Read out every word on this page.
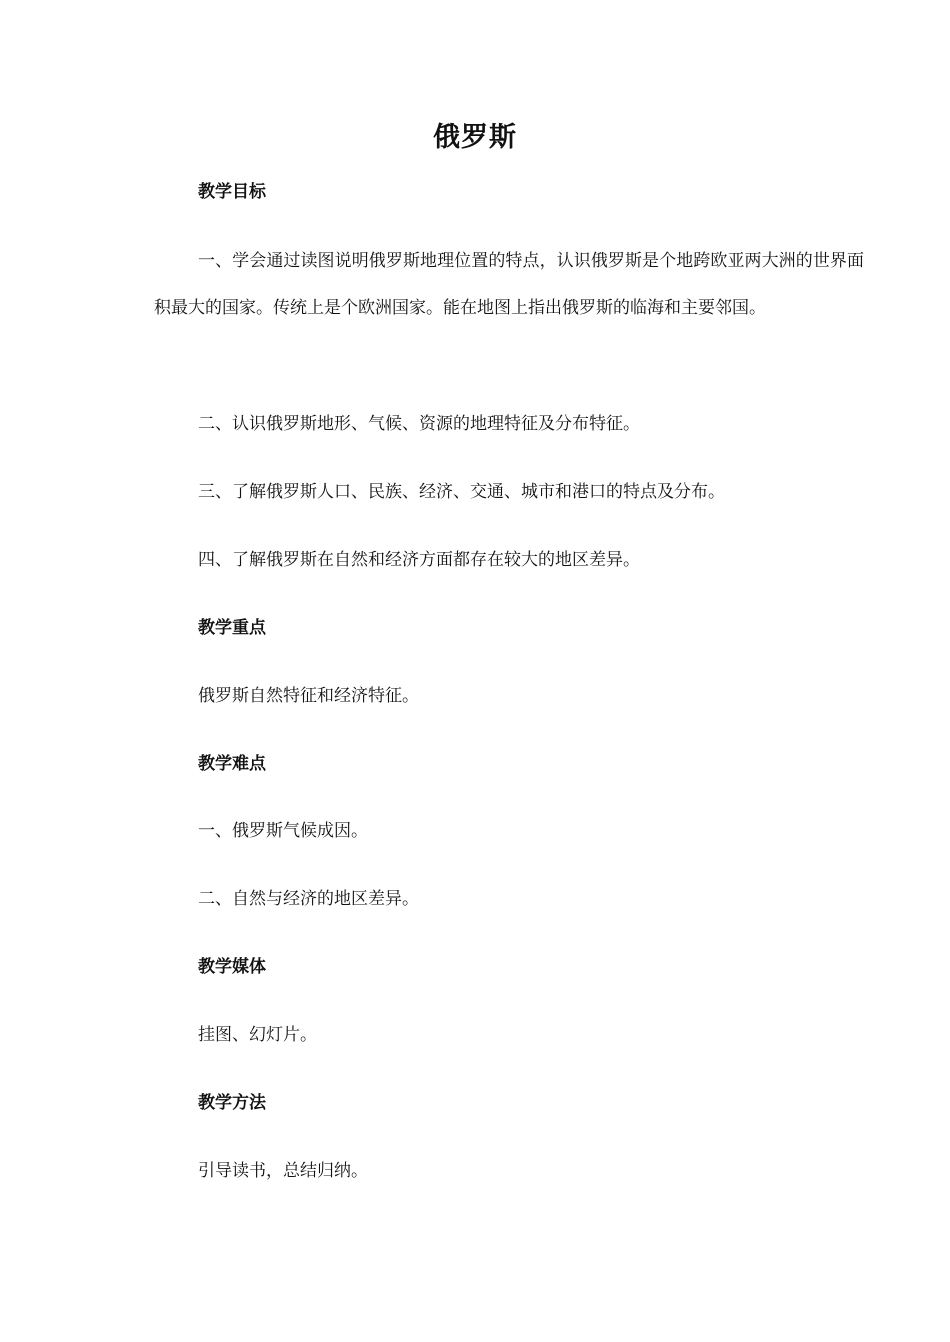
俄罗斯
教学目标
一、学会通过读图说明俄罗斯地理位置的特点，认识俄罗斯是个地跨欧亚两大洲的世界面积最大的国家。传统上是个欧洲国家。能在地图上指出俄罗斯的临海和主要邻国。
二、认识俄罗斯地形、气候、资源的地理特征及分布特征。
三、了解俄罗斯人口、民族、经济、交通、城市和港口的特点及分布。
四、了解俄罗斯在自然和经济方面都存在较大的地区差异。
教学重点
俄罗斯自然特征和经济特征。
教学难点
一、俄罗斯气候成因。
二、自然与经济的地区差异。
教学媒体
挂图、幻灯片。
教学方法
引导读书，总结归纳。
